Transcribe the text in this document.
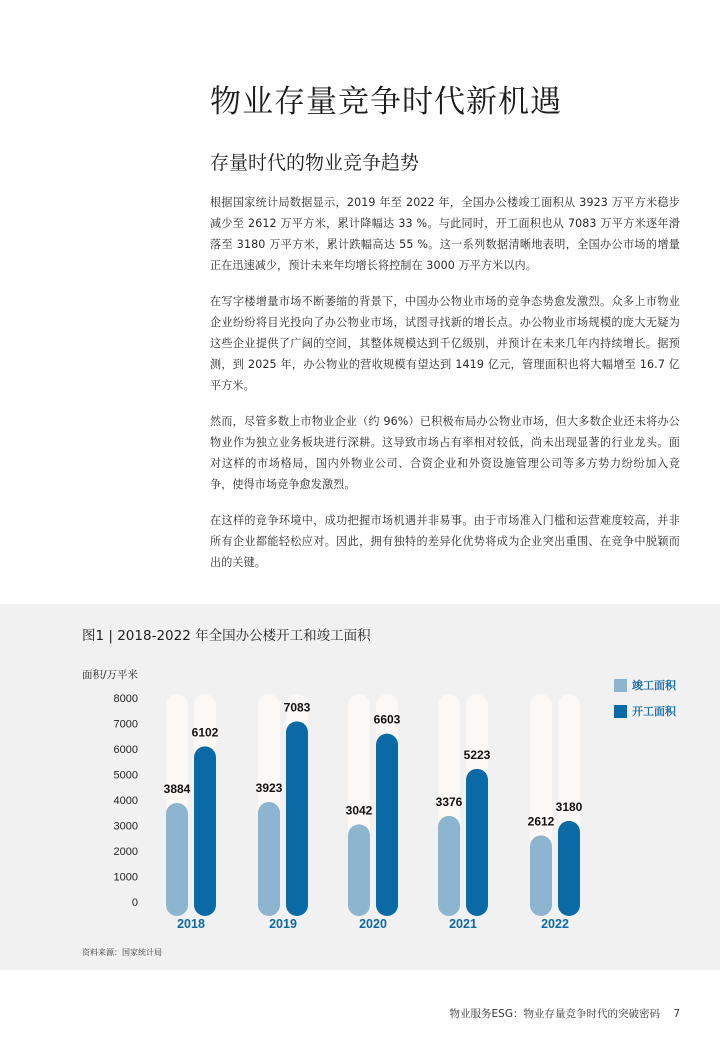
物业存量竞争时代新机遇
存量时代的物业竞争趋势

根据国家统计局数据显示，2019 年至 2022 年，全国办公楼竣工面积从 3923 万平方米稳步减少至 2612 万平方米，累计降幅达 33 %。与此同时，开工面积也从 7083 万平方米逐年滑落至 3180 万平方米，累计跌幅高达 55 %。这一系列数据清晰地表明，全国办公市场的增量正在迅速减少，预计未来年均增长将控制在 3000 万平方米以内。

在写字楼增量市场不断萎缩的背景下，中国办公物业市场的竞争态势愈发激烈。众多上市物业企业纷纷将目光投向了办公物业市场，试图寻找新的增长点。办公物业市场规模的庞大无疑为这些企业提供了广阔的空间，其整体规模达到千亿级别，并预计在未来几年内持续增长。据预测，到 2025 年，办公物业的营收规模有望达到 1419 亿元，管理面积也将大幅增至 16.7 亿平方米。

然而，尽管多数上市物业企业（约 96%）已积极布局办公物业市场，但大多数企业还未将办公物业作为独立业务板块进行深耕。这导致市场占有率相对较低，尚未出现显著的行业龙头。面对这样的市场格局，国内外物业公司、合资企业和外资设施管理公司等多方势力纷纷加入竞争，使得市场竞争愈发激烈。

在这样的竞争环境中，成功把握市场机遇并非易事。由于市场准入门槛和运营难度较高，并非所有企业都能轻松应对。因此，拥有独特的差异化优势将成为企业突出重围、在竞争中脱颖而出的关键。

图1 | 2018-2022 年全国办公楼开工和竣工面积
面积/万平米
0
1000
2000
3000
4000
5000
6000
7000
8000
3884
6102
2018
3923
7083
2019
3042
6603
2020
3376
5223
2021
2612
3180
2022
竣工面积
开工面积
资料来源：国家统计局
物业服务ESG：物业存量竞争时代的突破密码 7
